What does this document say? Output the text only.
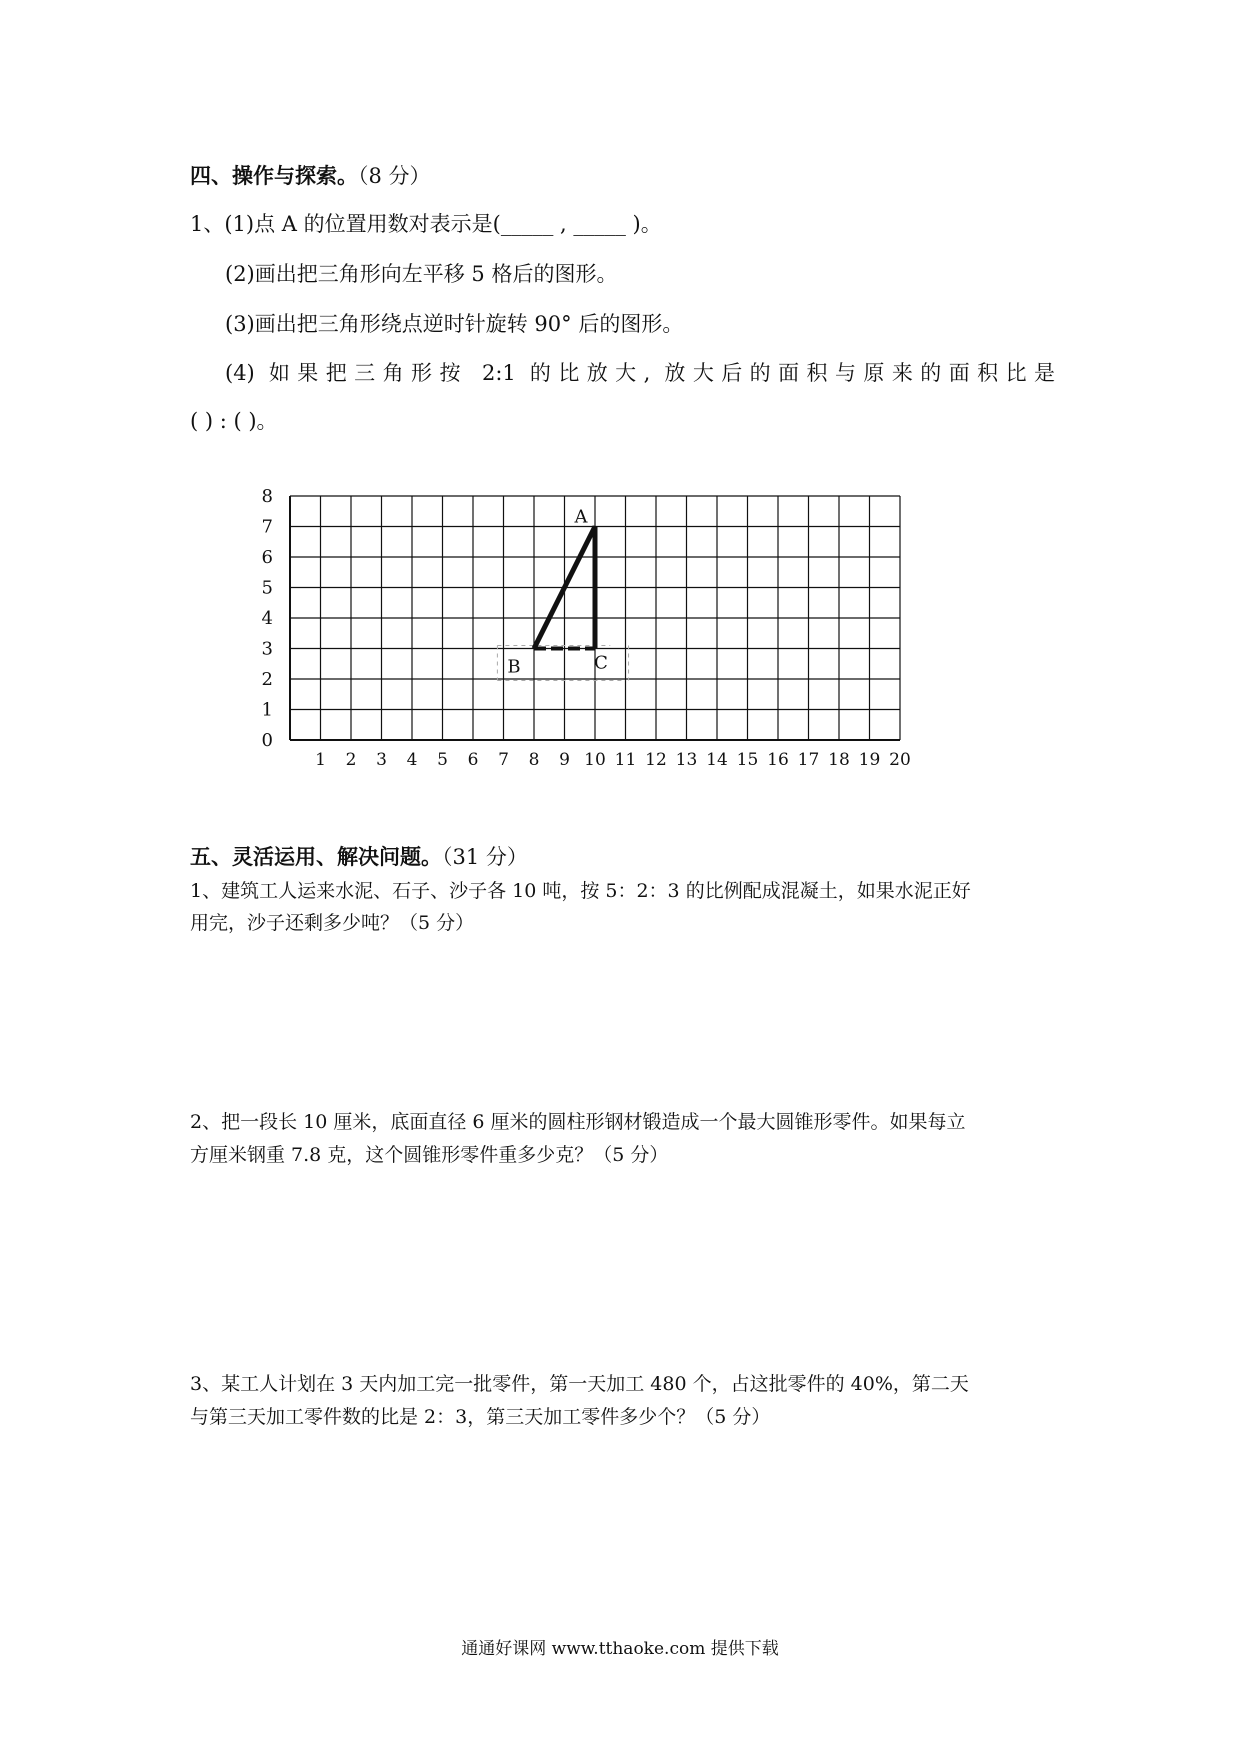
四、操作与探索。（8 分）
1、(1)点 A 的位置用数对表示是(_____ , _____ )。
(2)画出把三角形向左平移 5 格后的图形。
(3)画出把三角形绕点逆时针旋转 90° 后的图形。
(4) 如果把三角形按 2:1 的比放大, 放大后的面积与原来的面积比是
( ) : ( )。
0
1
2
3
4
5
6
7
8
1 2 3 4 5 6 7 8 9 10 11 12 13 14 15 16 17 18 19 20
A
B	C
五、灵活运用、解决问题。（31 分）
1、建筑工人运来水泥、石子、沙子各 10 吨，按 5：2：3 的比例配成混凝土，如果水泥正好
用完，沙子还剩多少吨？（5 分）
2、把一段长 10 厘米，底面直径 6 厘米的圆柱形钢材锻造成一个最大圆锥形零件。如果每立
方厘米钢重 7.8 克，这个圆锥形零件重多少克？（5 分）
3、某工人计划在 3 天内加工完一批零件，第一天加工 480 个，占这批零件的 40%，第二天
与第三天加工零件数的比是 2：3，第三天加工零件多少个？（5 分）
通通好课网 www.tthaoke.com 提供下载
